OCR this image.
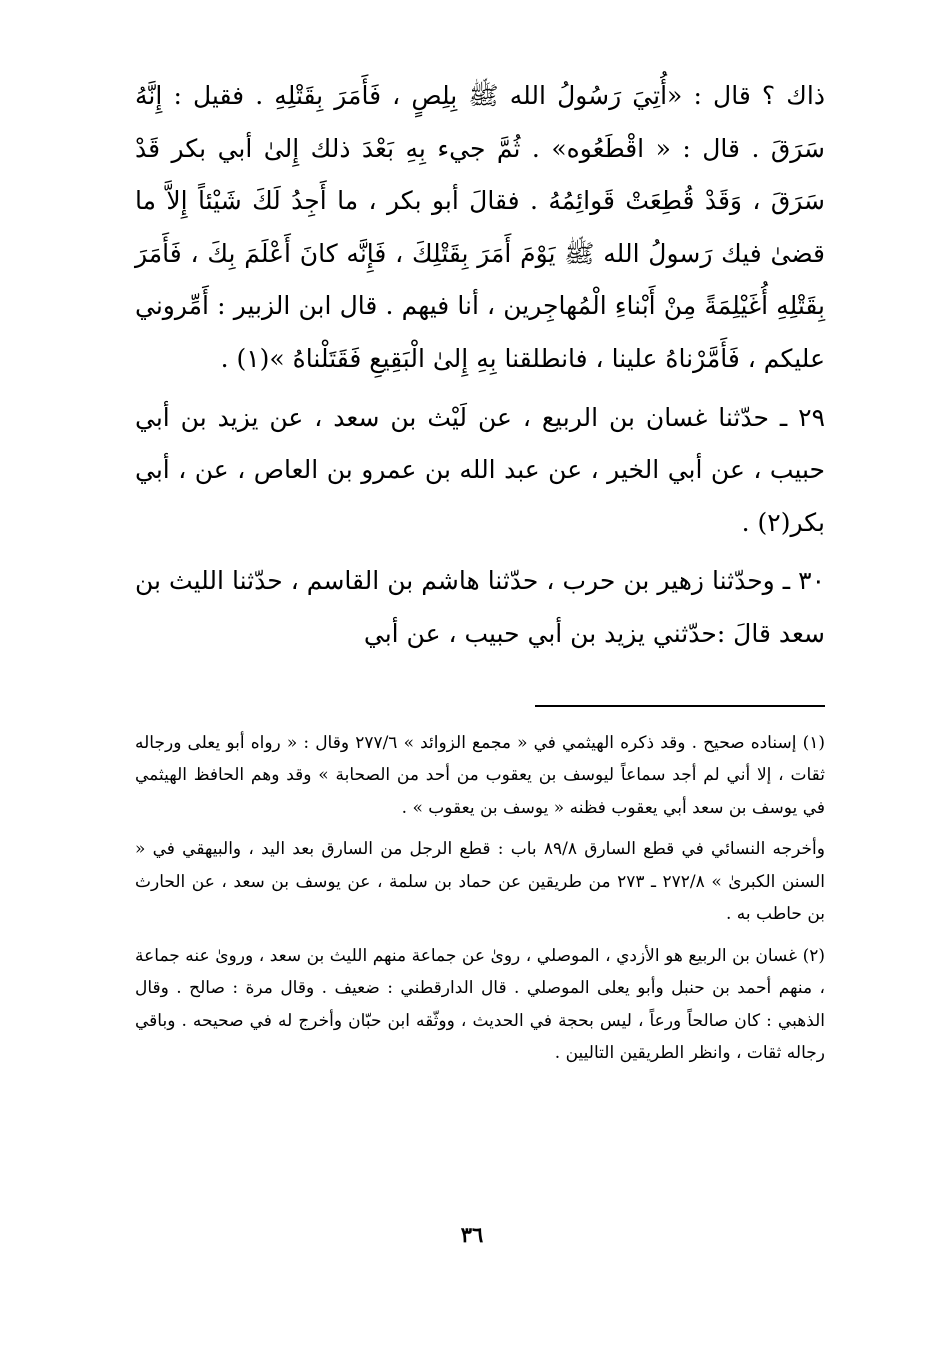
ذاك ؟ قال : «أُتِيَ رَسُولُ الله ﷺ بِلِصٍ ، فَأَمَرَ بِقَتْلِهِ . فقيل : إِنَّهُ سَرَقَ . قال : « اقْطَعُوه» . ثُمَّ جيء بِهِ بَعْدَ ذلك إِلىٰ أبي بكر قَدْ سَرَقَ ، وَقَدْ قُطِعَتْ قَوائِمُهُ . فقالَ أبو بكر ، ما أَجِدُ لَكَ شَيْئاً إِلاَّ ما قضىٰ فيك رَسولُ الله ﷺ يَوْمَ أَمَرَ بِقَتْلِكَ ، فَإِنَّه كانَ أَعْلَمَ بِكَ ، فَأَمَرَ بِقَتْلِهِ أُغَيْلِمَةً مِنْ أَبْناءِ الْمُهاجِرين ، أنا فيهم . قال ابن الزبير : أَمِّروني عليكم ، فَأَمَّرْناهُ علينا ، فانطلقنا بِهِ إِلىٰ الْبَقِيعِ فَقَتَلْناهُ »(١) .

٢٩ ـ حدّثنا غسان بن الربيع ، عن لَيْث بن سعد ، عن يزيد بن أبي حبيب ، عن أبي الخير ، عن عبد الله بن عمرو بن العاص ، عن ، أبي بكر(٢) .

٣٠ ـ وحدّثنا زهير بن حرب ، حدّثنا هاشم بن القاسم ، حدّثنا الليث بن سعد قالَ :حدّثني يزيد بن أبي حبيب ، عن أبي

(١) إسناده صحيح . وقد ذكره الهيثمي في « مجمع الزوائد » ٢٧٧/٦ وقال : « رواه أبو يعلى ورجاله ثقات ، إلا أني لم أجد سماعاً ليوسف بن يعقوب من أحد من الصحابة » وقد وهم الحافظ الهيثمي في يوسف بن سعد أبي يعقوب فظنه « يوسف بن يعقوب » .

وأخرجه النسائي في قطع السارق ٨٩/٨ باب : قطع الرجل من السارق بعد اليد ، والبيهقي في « السنن الكبرىٰ » ٢٧٢/٨ ـ ٢٧٣ من طريقين عن حماد بن سلمة ، عن يوسف بن سعد ، عن الحارث بن حاطب به .

(٢) غسان بن الربيع هو الأزدي ، الموصلي ، روىٰ عن جماعة منهم الليث بن سعد ، وروىٰ عنه جماعة ، منهم أحمد بن حنبل وأبو يعلى الموصلي . قال الدارقطني : ضعيف . وقال مرة : صالح . وقال الذهبي : كان صالحاً ورعاً ، ليس بحجة في الحديث ، ووثّقه ابن حبّان وأخرج له في صحيحه . وباقي رجاله ثقات ، وانظر الطريقين التاليين .

٣٦
